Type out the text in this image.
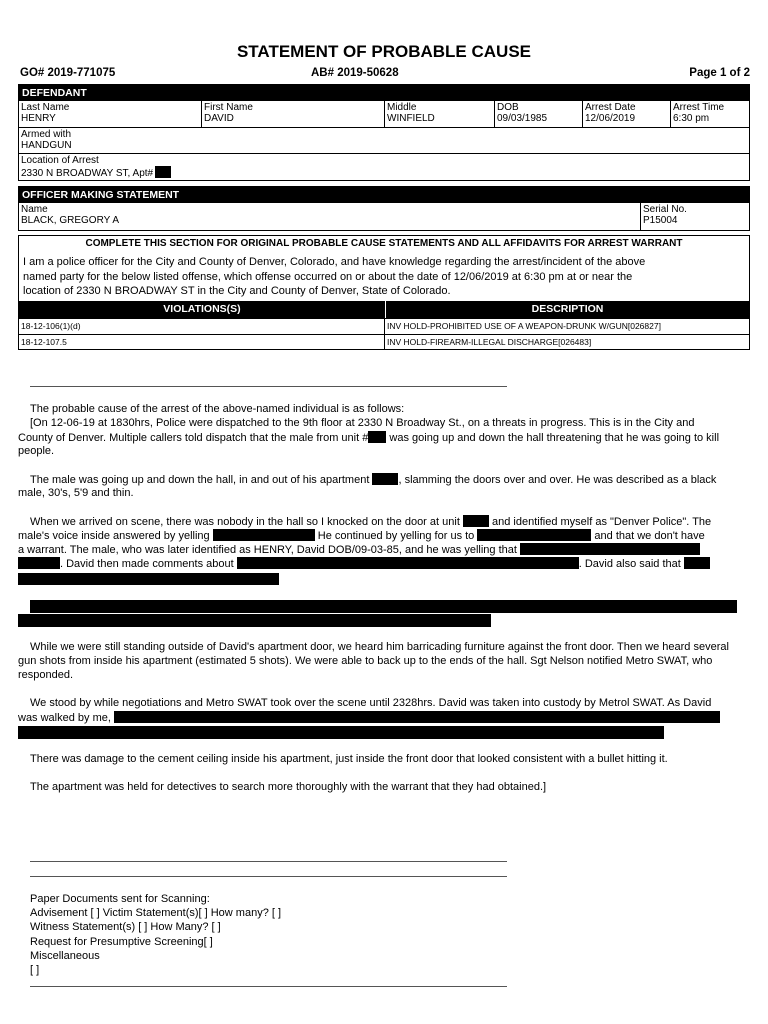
STATEMENT OF PROBABLE CAUSE
GO# 2019-771075	AB# 2019-50628	Page 1 of 2
DEFENDANT
Last Name
HENRY
First Name
DAVID
Middle
WINFIELD
DOB
09/03/1985
Arrest Date
12/06/2019
Arrest Time
6:30 pm
Armed with
HANDGUN
Location of Arrest
2330 N BROADWAY ST, Apt#
OFFICER MAKING STATEMENT
Name
BLACK, GREGORY A
Serial No.
P15004
COMPLETE THIS SECTION FOR ORIGINAL PROBABLE CAUSE STATEMENTS AND ALL AFFIDAVITS FOR ARREST WARRANT
I am a police officer for the City and County of Denver, Colorado, and have knowledge regarding the arrest/incident of the above
named party for the below listed offense, which offense occurred on or about the date of 12/06/2019 at 6:30 pm at or near the
location of 2330 N BROADWAY ST in the City and County of Denver, State of Colorado.
VIOLATIONS(S)	DESCRIPTION
18-12-106(1)(d)	INV HOLD-PROHIBITED USE OF A WEAPON-DRUNK W/GUN[026827]
18-12-107.5	INV HOLD-FIREARM-ILLEGAL DISCHARGE[026483]
The probable cause of the arrest of the above-named individual is as follows:
[On 12-06-19 at 1830hrs, Police were dispatched to the 9th floor at 2330 N Broadway St., on a threats in progress. This is in the City and
County of Denver. Multiple callers told dispatch that the male from unit # was going up and down the hall threatening that he was going to kill
people.
The male was going up and down the hall, in and out of his apartment , slamming the doors over and over. He was described as a black
male, 30's, 5'9 and thin.
When we arrived on scene, there was nobody in the hall so I knocked on the door at unit  and identified myself as "Denver Police". The
male's voice inside answered by yelling	He continued by yelling for us to	and that we don't have
a warrant. The male, who was later identified as HENRY, David DOB/09-03-85, and he was yelling that
. David then made comments about	. David also said that
While we were still standing outside of David's apartment door, we heard him barricading furniture against the front door. Then we heard several
gun shots from inside his apartment (estimated 5 shots). We were able to back up to the ends of the hall. Sgt Nelson notified Metro SWAT, who
responded.
We stood by while negotiations and Metro SWAT took over the scene until 2328hrs. David was taken into custody by Metrol SWAT. As David
was walked by me,
There was damage to the cement ceiling inside his apartment, just inside the front door that looked consistent with a bullet hitting it.
The apartment was held for detectives to search more thoroughly with the warrant that they had obtained.]
Paper Documents sent for Scanning:
Advisement [ ] Victim Statement(s)[ ] How many? [ ]
Witness Statement(s) [ ] How Many? [ ]
Request for Presumptive Screening[ ]
Miscellaneous
[ ]
